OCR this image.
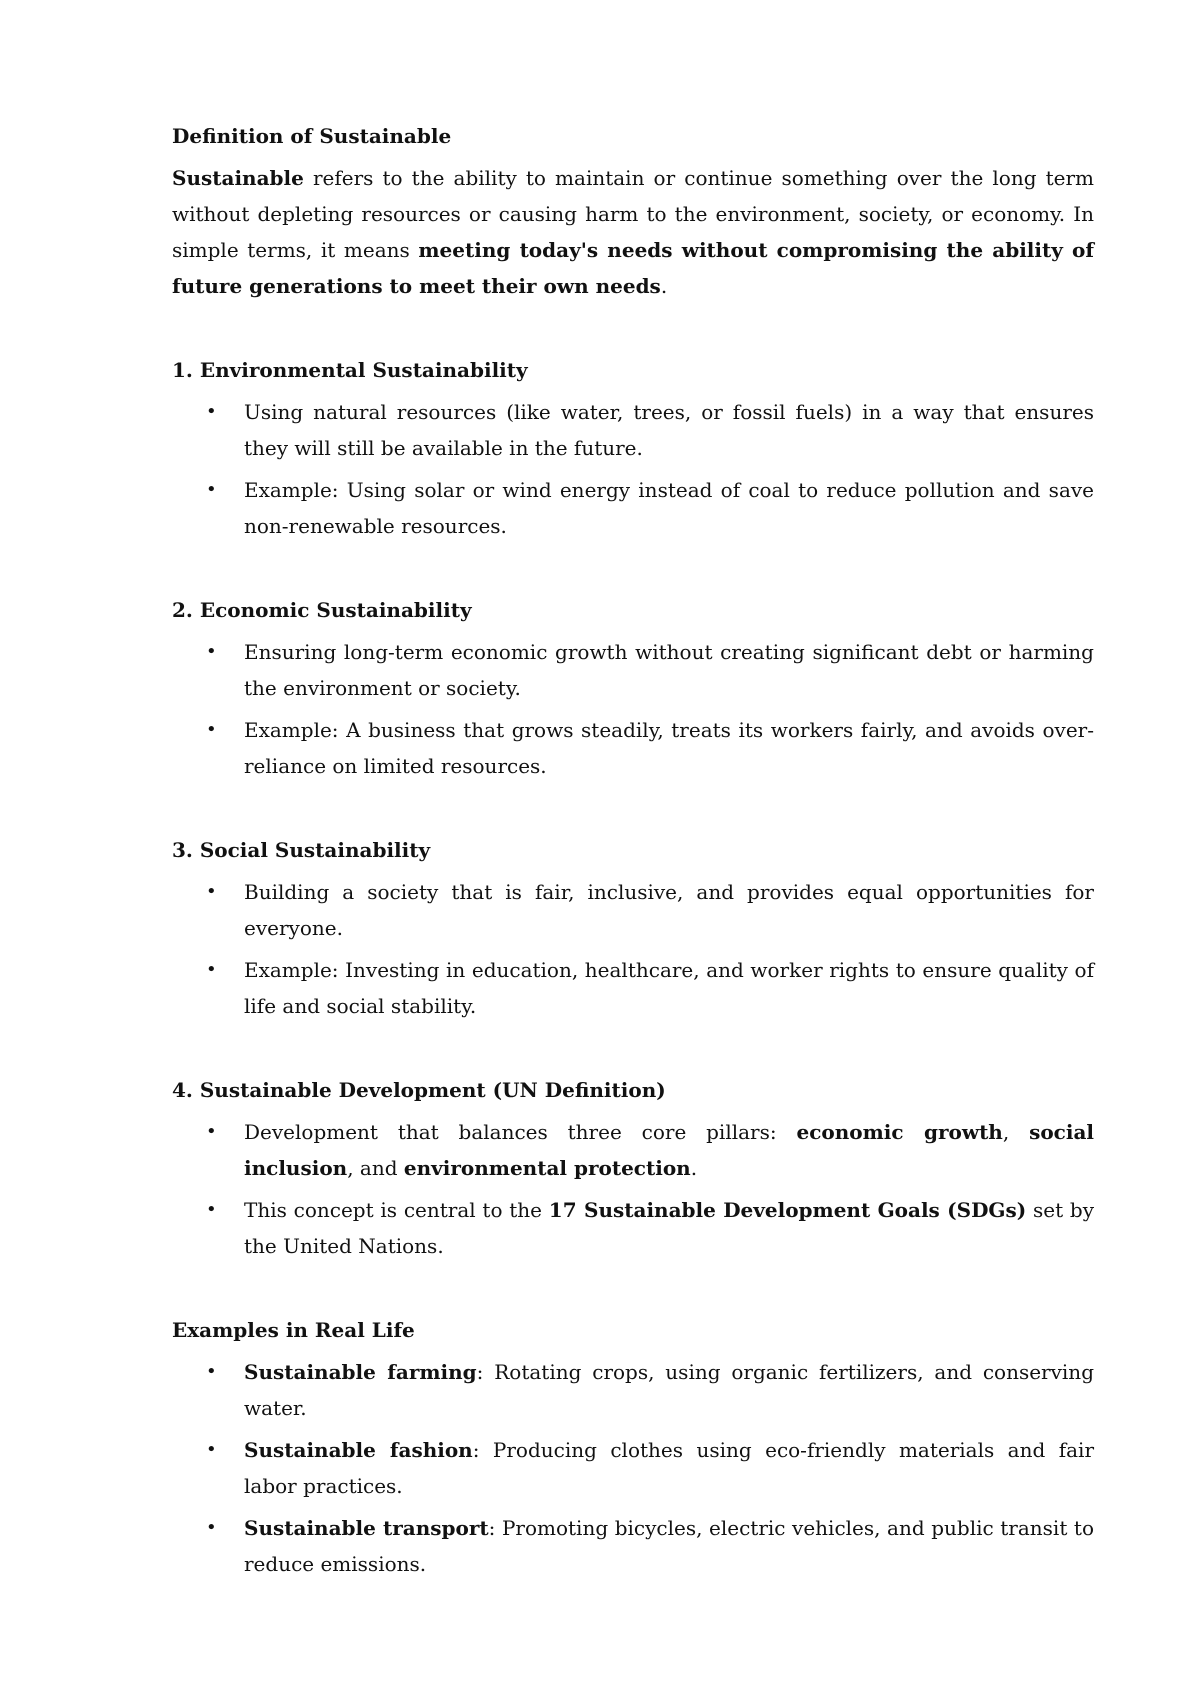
Definition of Sustainable

Sustainable refers to the ability to maintain or continue something over the long term without depleting resources or causing harm to the environment, society, or economy. In simple terms, it means meeting today's needs without compromising the ability of future generations to meet their own needs.

1. Environmental Sustainability
• Using natural resources (like water, trees, or fossil fuels) in a way that ensures they will still be available in the future.
• Example: Using solar or wind energy instead of coal to reduce pollution and save non-renewable resources.
2. Economic Sustainability
• Ensuring long-term economic growth without creating significant debt or harming the environment or society.
• Example: A business that grows steadily, treats its workers fairly, and avoids over-reliance on limited resources.
3. Social Sustainability
• Building a society that is fair, inclusive, and provides equal opportunities for everyone.
• Example: Investing in education, healthcare, and worker rights to ensure quality of life and social stability.
4. Sustainable Development (UN Definition)
• Development that balances three core pillars: economic growth, social inclusion, and environmental protection.
• This concept is central to the 17 Sustainable Development Goals (SDGs) set by the United Nations.
Examples in Real Life
• Sustainable farming: Rotating crops, using organic fertilizers, and conserving water.
• Sustainable fashion: Producing clothes using eco-friendly materials and fair labor practices.
• Sustainable transport: Promoting bicycles, electric vehicles, and public transit to reduce emissions.
